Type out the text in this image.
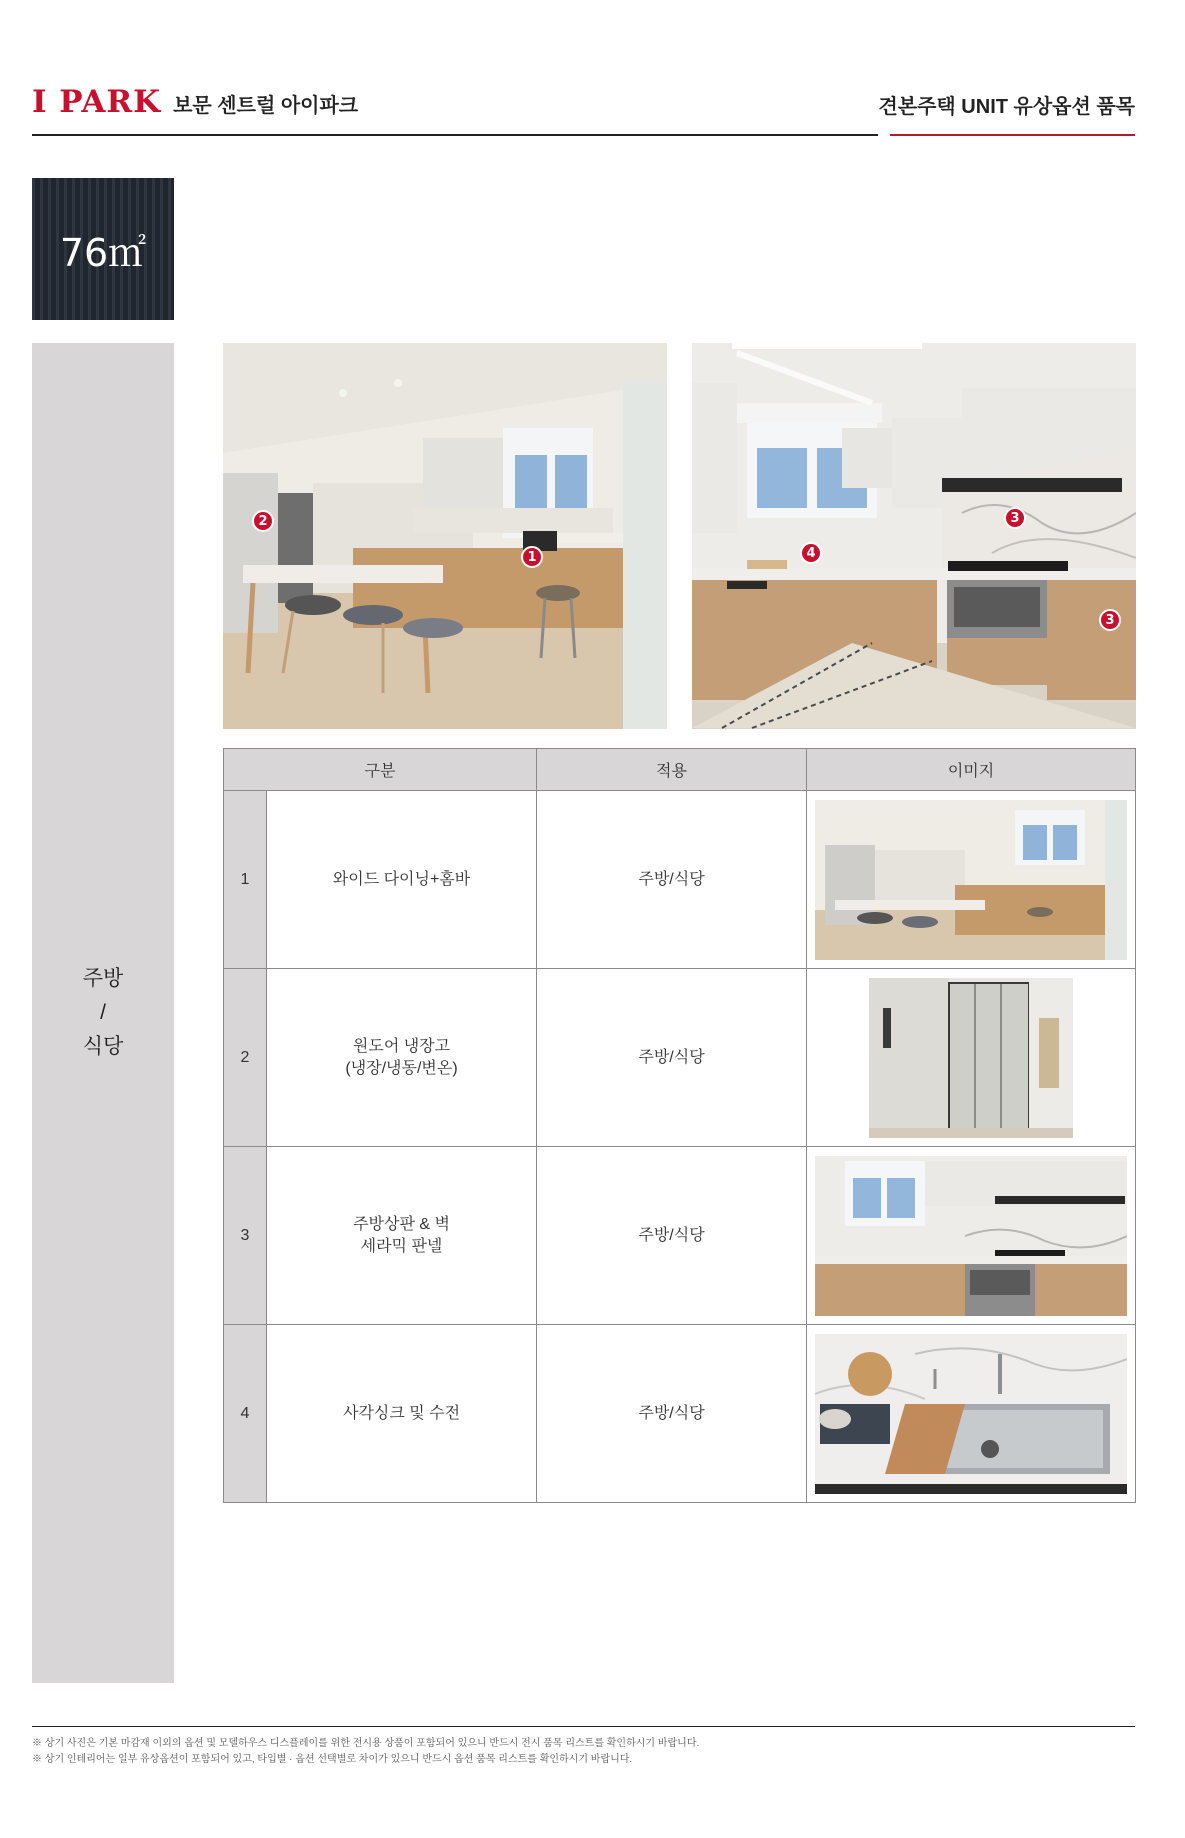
I PARK 보문 센트럴 아이파크	견본주택 UNIT 유상옵션 품목
76㎡
주방
/
식당
2
1
3
4
3
구분		적용	이미지
1	와이드 다이닝+홈바	주방/식당	

2	원도어 냉장고
(냉장/냉동/변온)	주방/식당	

3	주방상판 & 벽
세라믹 판넬	주방/식당	

4	사각싱크 및 수전	주방/식당	
※ 상기 사진은 기본 마감재 이외의 옵션 및 모델하우스 디스플레이를 위한 전시용 상품이 포함되어 있으니 반드시 전시 품목 리스트를 확인하시기 바랍니다.
※ 상기 인테리어는 일부 유상옵션이 포함되어 있고, 타입별 · 옵션 선택별로 차이가 있으니 반드시 옵션 품목 리스트를 확인하시기 바랍니다.
